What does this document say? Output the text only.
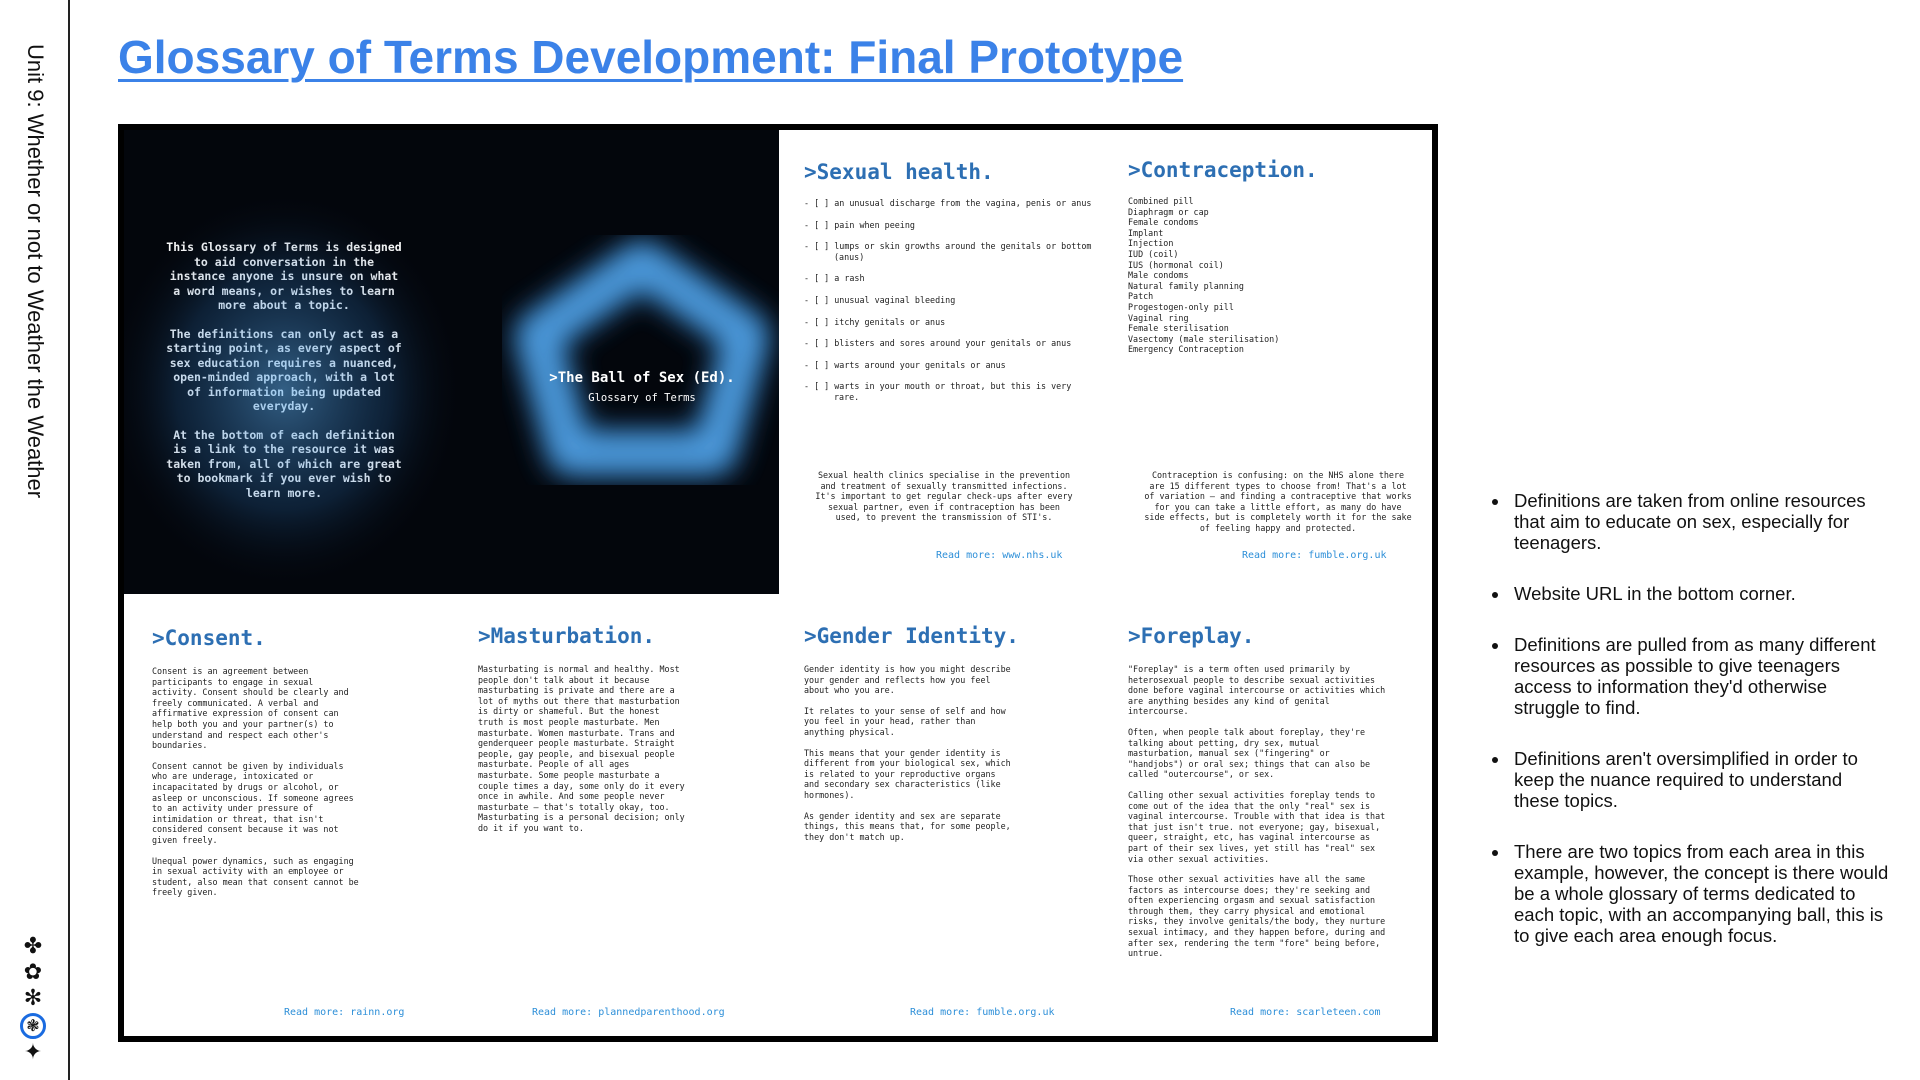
Unit 9: Whether or not to Weather the Weather
✤
✿
✻
❃
✦
Glossary of Terms Development: Final Prototype

>The Ball of Sex (Ed).
Glossary of Terms
>Sexual health.
- [ ] an unusual discharge from the vagina, penis or anus
- [ ] pain when peeing
- [ ] lumps or skin growths around the genitals or bottom (anus)
- [ ] a rash
- [ ] unusual vaginal bleeding
- [ ] itchy genitals or anus
- [ ] blisters and sores around your genitals or anus
- [ ] warts around your genitals or anus
- [ ] warts in your mouth or throat, but this is very rare.
Sexual health clinics specialise in the prevention and treatment of sexually transmitted infections. It's important to get regular check-ups after every sexual partner, even if contraception has been used, to prevent the transmission of STI's.
Read more: www.nhs.uk
>Contraception.
Combined pill
Diaphragm or cap
Female condoms
Implant
Injection
IUD (coil)
IUS (hormonal coil)
Male condoms
Natural family planning
Patch
Progestogen-only pill
Vaginal ring
Female sterilisation
Vasectomy (male sterilisation)
Emergency Contraception
Contraception is confusing: on the NHS alone there are 15 different types to choose from! That's a lot of variation – and finding a contraceptive that works for you can take a little effort, as many do have side effects, but is completely worth it for the sake of feeling happy and protected.
Read more: fumble.org.uk
>Consent.

Consent is an agreement between participants to engage in sexual activity. Consent should be clearly and freely communicated. A verbal and affirmative expression of consent can help both you and your partner(s) to understand and respect each other's boundaries.

Consent cannot be given by individuals who are underage, intoxicated or incapacitated by drugs or alcohol, or asleep or unconscious. If someone agrees to an activity under pressure of intimidation or threat, that isn't considered consent because it was not given freely.

Unequal power dynamics, such as engaging in sexual activity with an employee or student, also mean that consent cannot be freely given.

Read more: rainn.org
>Masturbation.

Masturbating is normal and healthy. Most people don't talk about it because masturbating is private and there are a lot of myths out there that masturbation is dirty or shameful. But the honest truth is most people masturbate. Men masturbate. Women masturbate. Trans and genderqueer people masturbate. Straight people, gay people, and bisexual people masturbate. People of all ages masturbate. Some people masturbate a couple times a day, some only do it every once in awhile. And some people never masturbate – that's totally okay, too. Masturbating is a personal decision; only do it if you want to.

Read more: plannedparenthood.org
>Gender Identity.

Gender identity is how you might describe your gender and reflects how you feel about who you are.

It relates to your sense of self and how you feel in your head, rather than anything physical.

This means that your gender identity is different from your biological sex, which is related to your reproductive organs and secondary sex characteristics (like hormones).

As gender identity and sex are separate things, this means that, for some people, they don't match up.

Read more: fumble.org.uk
>Foreplay.

"Foreplay" is a term often used primarily by heterosexual people to describe sexual activities done before vaginal intercourse or activities which are anything besides any kind of genital intercourse.

Often, when people talk about foreplay, they're talking about petting, dry sex, mutual masturbation, manual sex ("fingering" or "handjobs") or oral sex; things that can also be called "outercourse", or sex.

Calling other sexual activities foreplay tends to come out of the idea that the only "real" sex is vaginal intercourse. Trouble with that idea is that that just isn't true. not everyone; gay, bisexual, queer, straight, etc, has vaginal intercourse as part of their sex lives, yet still has "real" sex via other sexual activities.

Those other sexual activities have all the same factors as intercourse does; they're seeking and often experiencing orgasm and sexual satisfaction through them, they carry physical and emotional risks, they involve genitals/the body, they nurture sexual intimacy, and they happen before, during and after sex, rendering the term "fore" being before, untrue.

Read more: scarleteen.com
• Definitions are taken from online resources that aim to educate on sex, especially for teenagers.
• Website URL in the bottom corner.
• Definitions are pulled from as many different resources as possible to give teenagers access to information they'd otherwise struggle to find.
• Definitions aren't oversimplified in order to keep the nuance required to understand these topics.
• There are two topics from each area in this example, however, the concept is there would be a whole glossary of terms dedicated to each topic, with an accompanying ball, this is to give each area enough focus.
